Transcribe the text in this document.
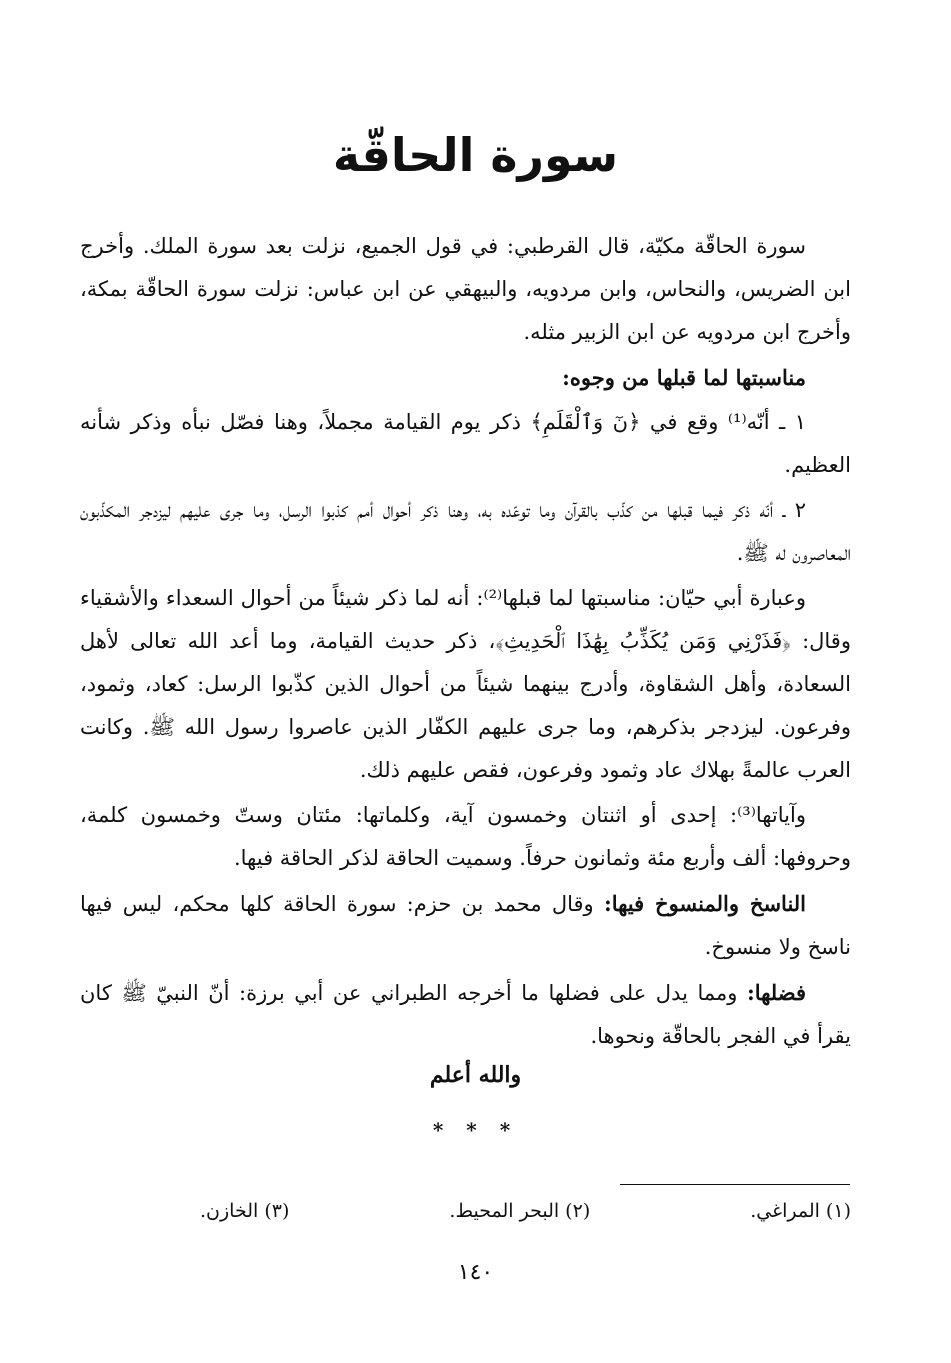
سورة الحاقّة

سورة الحاقّة مكيّة، قال القرطبي: في قول الجميع، نزلت بعد سورة الملك. وأخرج ابن الضريس، والنحاس، وابن مردويه، والبيهقي عن ابن عباس: نزلت سورة الحاقّة بمكة، وأخرج ابن مردويه عن ابن الزبير مثله.

مناسبتها لما قبلها من وجوه:

١ ـ أنّه⁽¹⁾ وقع في ﴿نٓ وَٱلْقَلَمِ﴾ ذكر يوم القيامة مجملاً، وهنا فصّل نبأه وذكر شأنه العظيم.

٢ ـ أنّه ذكر فيما قبلها من كذّب بالقرآن وما توعّده به، وهنا ذكر أحوال أمم كذبوا الرسل، وما جرى عليهم ليزدجر المكذّبون المعاصرون له ﷺ.

وعبارة أبي حيّان: مناسبتها لما قبلها⁽²⁾: أنه لما ذكر شيئاً من أحوال السعداء والأشقياء وقال: ﴿فَذَرْنِي وَمَن يُكَذِّبُ بِهَٰذَا ٱلْحَدِيثِ﴾، ذكر حديث القيامة، وما أعد الله تعالى لأهل السعادة، وأهل الشقاوة، وأدرج بينهما شيئاً من أحوال الذين كذّبوا الرسل: كعاد، وثمود، وفرعون. ليزدجر بذكرهم، وما جرى عليهم الكفّار الذين عاصروا رسول الله ﷺ. وكانت العرب عالمةً بهلاك عاد وثمود وفرعون، فقص عليهم ذلك.

وآياتها⁽³⁾: إحدى أو اثنتان وخمسون آية، وكلماتها: مئتان وستّ وخمسون كلمة، وحروفها: ألف وأربع مئة وثمانون حرفاً. وسميت الحاقة لذكر الحاقة فيها.

الناسخ والمنسوخ فيها: وقال محمد بن حزم: سورة الحاقة كلها محكم، ليس فيها ناسخ ولا منسوخ.

فضلها: ومما يدل على فضلها ما أخرجه الطبراني عن أبي برزة: أنّ النبيّ ﷺ كان يقرأ في الفجر بالحاقّة ونحوها.

والله أعلم
* * *
(١) المراغي.
(٢) البحر المحيط.
(٣) الخازن.
١٤٠
